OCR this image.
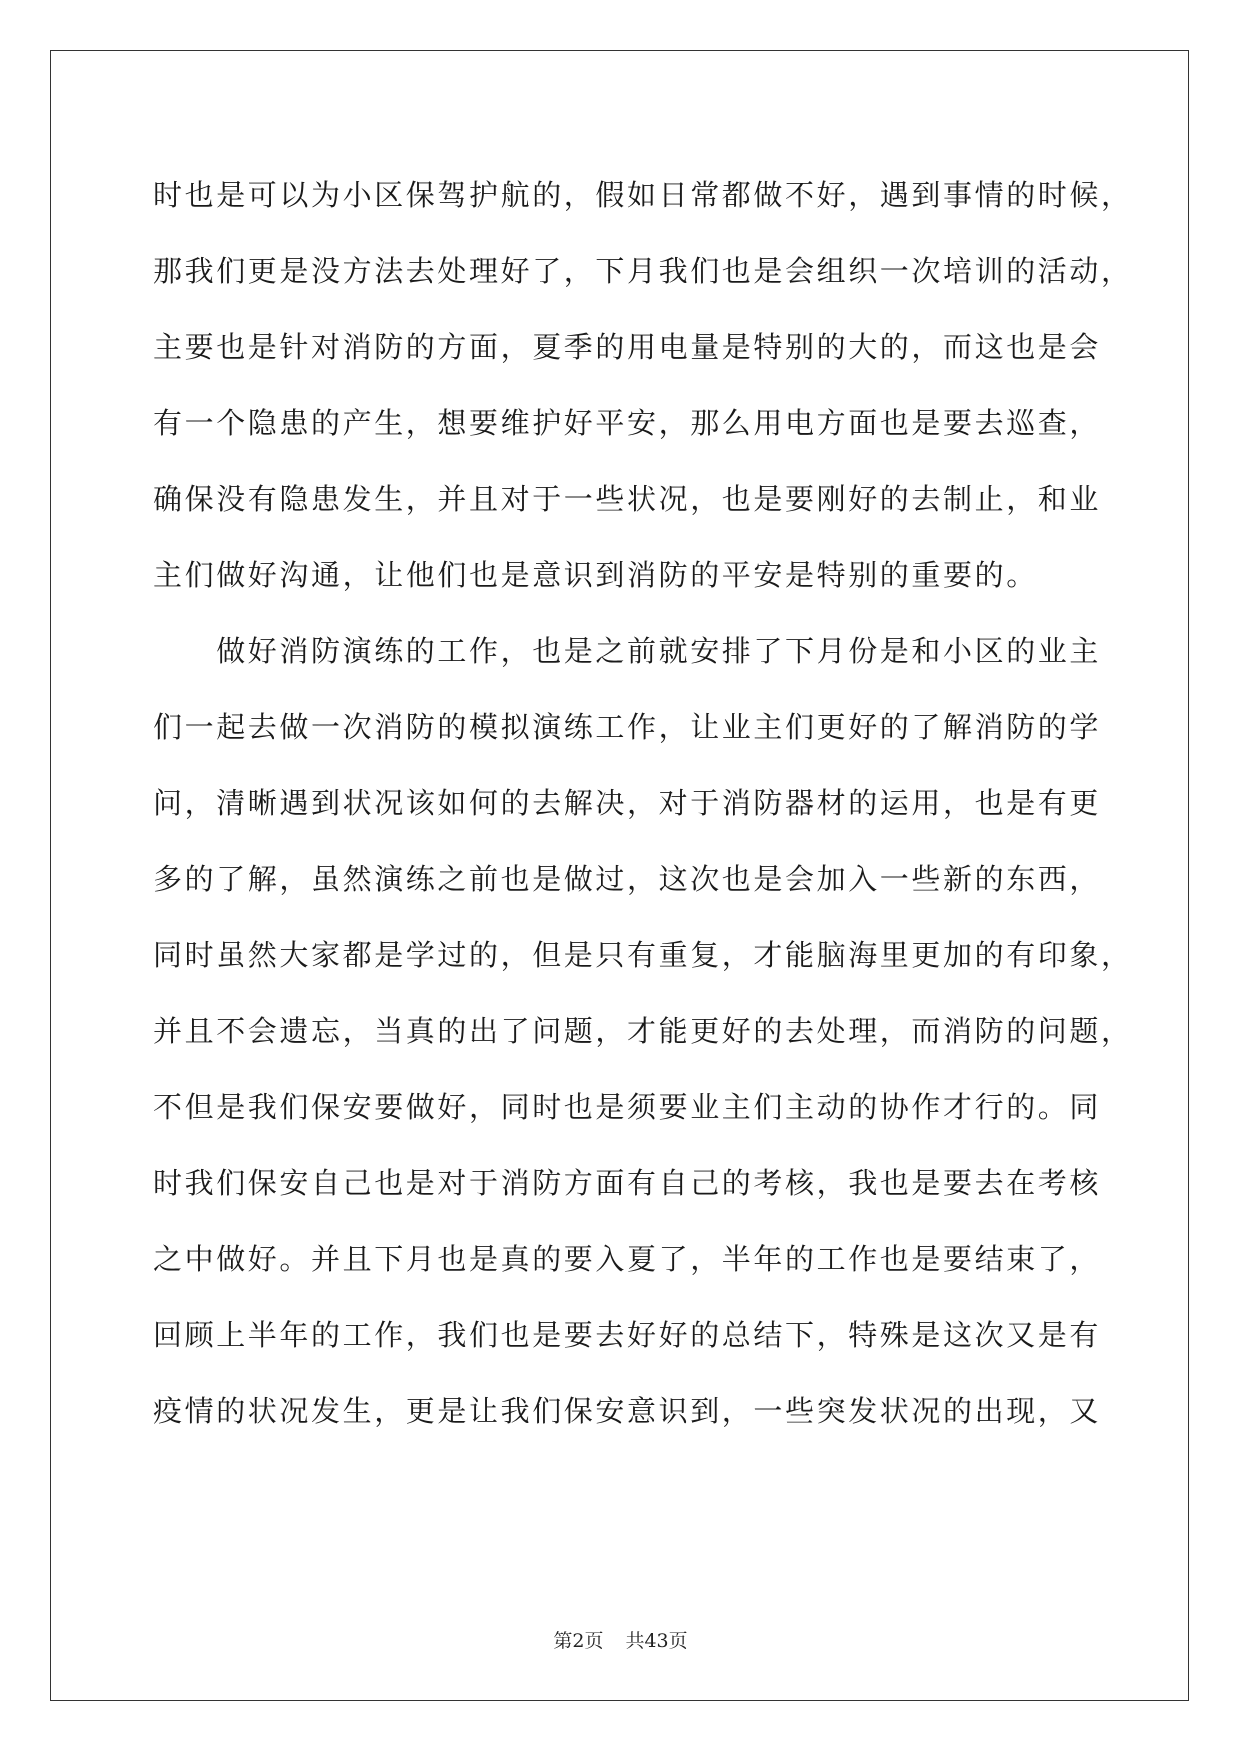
时也是可以为小区保驾护航的，假如日常都做不好，遇到事情的时候，
那我们更是没方法去处理好了，下月我们也是会组织一次培训的活动，
主要也是针对消防的方面，夏季的用电量是特别的大的，而这也是会
有一个隐患的产生，想要维护好平安，那么用电方面也是要去巡查，
确保没有隐患发生，并且对于一些状况，也是要刚好的去制止，和业
主们做好沟通，让他们也是意识到消防的平安是特别的重要的。
　　做好消防演练的工作，也是之前就安排了下月份是和小区的业主
们一起去做一次消防的模拟演练工作，让业主们更好的了解消防的学
问，清晰遇到状况该如何的去解决，对于消防器材的运用，也是有更
多的了解，虽然演练之前也是做过，这次也是会加入一些新的东西，
同时虽然大家都是学过的，但是只有重复，才能脑海里更加的有印象，
并且不会遗忘，当真的出了问题，才能更好的去处理，而消防的问题，
不但是我们保安要做好，同时也是须要业主们主动的协作才行的。同
时我们保安自己也是对于消防方面有自己的考核，我也是要去在考核
之中做好。并且下月也是真的要入夏了，半年的工作也是要结束了，
回顾上半年的工作，我们也是要去好好的总结下，特殊是这次又是有
疫情的状况发生，更是让我们保安意识到，一些突发状况的出现，又
第2页 共43页
